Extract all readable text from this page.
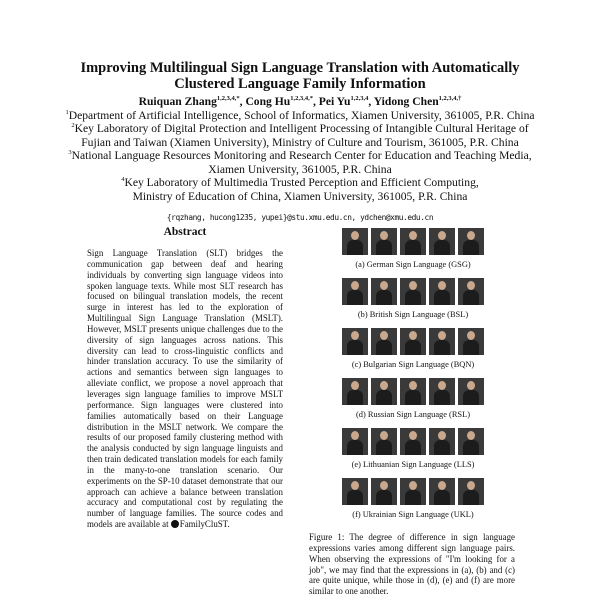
Improving Multilingual Sign Language Translation with Automatically
Clustered Language Family Information
Ruiquan Zhang$^{1,2,3,4,*}$, Cong $Hu^{1,2,3,4,*}$, Pei Yu$^{1,2,3,4}$, Yidong Chen$^{1,2,3,4,\dagger}$
$^1$Department of Artificial Intelligence, School of Informatics, Xiamen University, 361005, P.R. China
$^2$Key Laboratory of Digital Protection and Intelligent Processing of Intangible Cultural Heritage of
Fujian and Taiwan (Xiamen University), Ministry of Culture and Tourism, 361005, P.R. China
$^3$National Language Resources Monitoring and Research Center for Education and Teaching Media,
Xiamen University, 361005, P.R. China
$^4$Key Laboratory of Multimedia Trusted Perception and Efficient Computing,
Ministry of Education of China, Xiamen University, 361005, P.R. China
{rqzhang, hucong1235, yupei}@stu.xmu.edu.cn, ydchen@xmu.edu.cn
Abstract

Sign Language Translation (SLT) bridges the communication gap between deaf and hearing individuals by converting sign language videos into spoken language texts. While most SLT research has focused on bilingual translation models, the recent surge in interest has led to the exploration of Multilingual Sign Language Translation (MSLT). However, MSLT presents unique challenges due to the diversity of sign languages across nations. This diversity can lead to cross-linguistic conflicts and hinder translation accuracy. To use the similarity of actions and semantics between sign languages to alleviate conflict, we propose a novel approach that leverages sign language families to improve MSLT performance. Sign languages were clustered into families automatically based on their Language distribution in the MSLT network. We compare the results of our proposed family clustering method with the analysis conducted by sign language linguists and then train dedicated translation models for each family in the many-to-one translation scenario. Our experiments on the SP-10 dataset demonstrate that our approach can achieve a balance between translation accuracy and computational cost by regulating the number of language families. The source codes and models are available at FamilyCluST.

(a) German Sign Language (GSG)
(b) British Sign Language (BSL)
(c) Bulgarian Sign Language (BQN)
(d) Russian Sign Language (RSL)
(e) Lithuanian Sign Language (LLS)
(f) Ukrainian Sign Language (UKL)

Figure 1: The degree of difference in sign language expressions varies among different sign language pairs. When observing the expressions of "I'm looking for a job", we may find that the expressions in (a), (b) and (c) are quite unique, while those in (d), (e) and (f) are more similar to one another.
